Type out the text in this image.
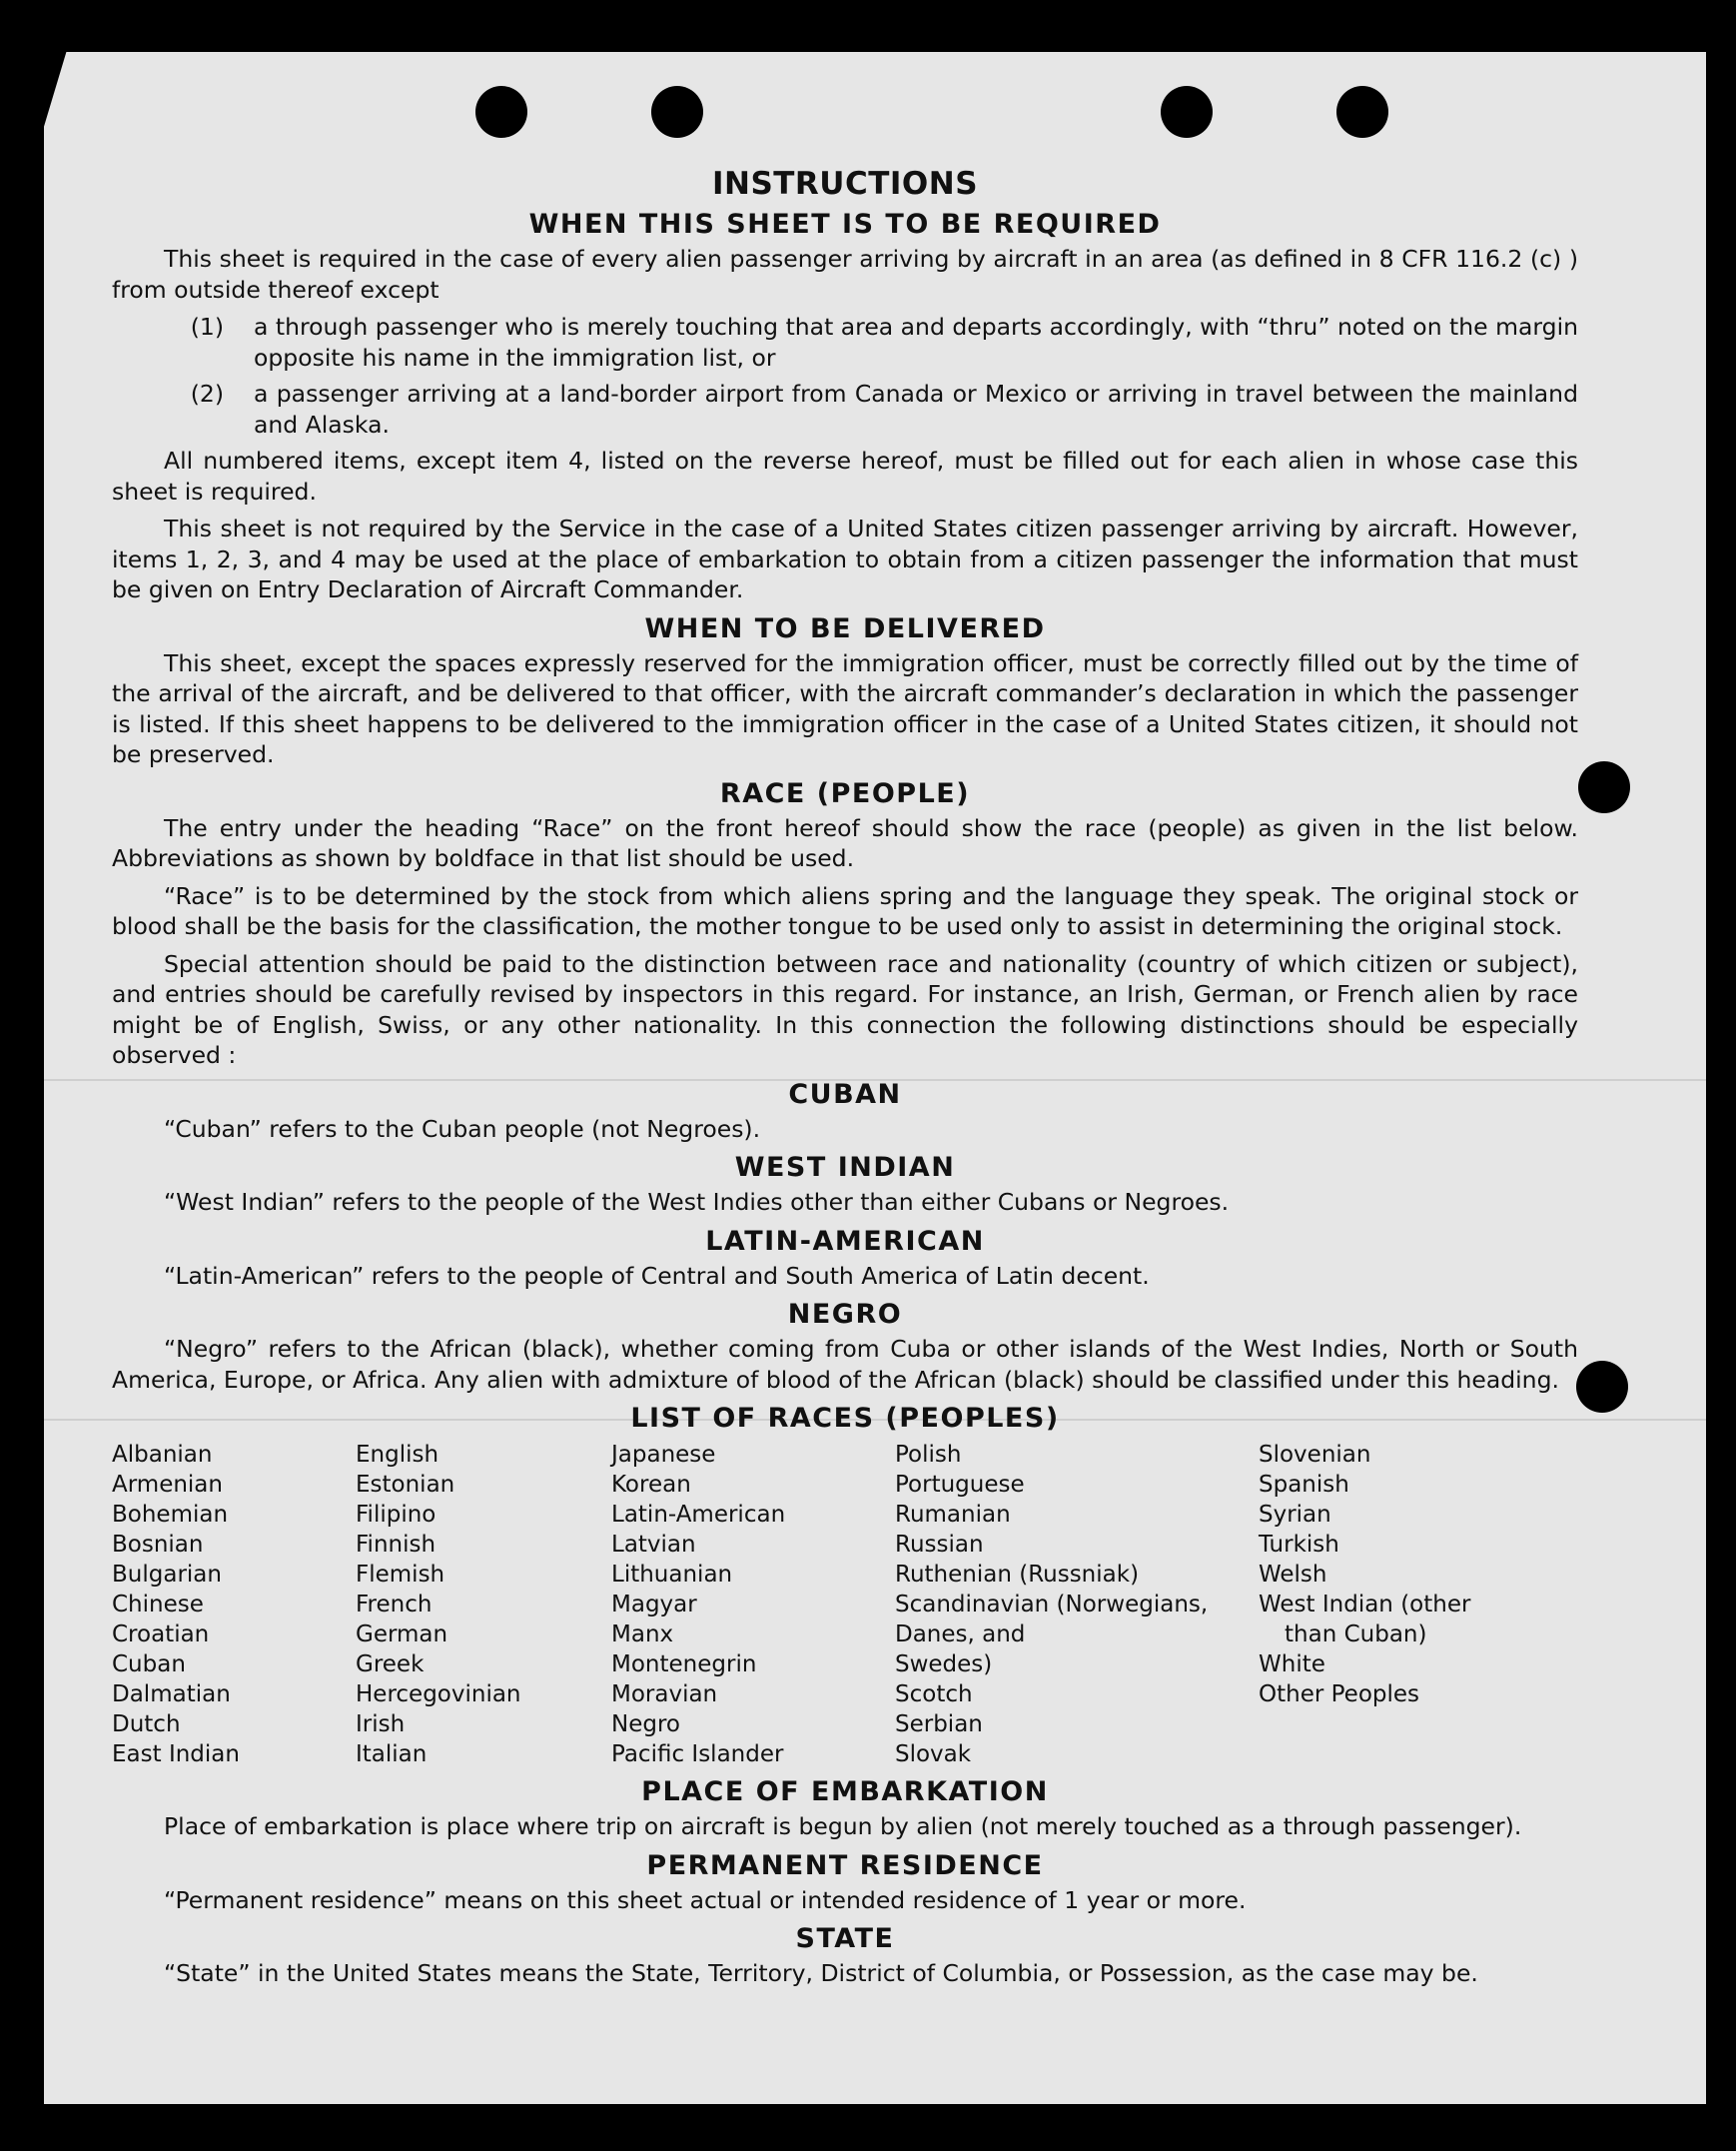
INSTRUCTIONS
WHEN THIS SHEET IS TO BE REQUIRED

This sheet is required in the case of every alien passenger arriving by aircraft in an area (as defined in 8 CFR 116.2 (c) ) from outside thereof except

(1)	a through passenger who is merely touching that area and departs accordingly, with “thru” noted on the margin opposite his name in the immigration list, or
(2)	a passenger arriving at a land-border airport from Canada or Mexico or arriving in travel between the mainland and Alaska.

All numbered items, except item 4, listed on the reverse hereof, must be filled out for each alien in whose case this sheet is required.

This sheet is not required by the Service in the case of a United States citizen passenger arriving by aircraft. However, items 1, 2, 3, and 4 may be used at the place of embarkation to obtain from a citizen passenger the information that must be given on Entry Declaration of Aircraft Commander.

WHEN TO BE DELIVERED

This sheet, except the spaces expressly reserved for the immigration officer, must be correctly filled out by the time of the arrival of the aircraft, and be delivered to that officer, with the aircraft commander’s declaration in which the passenger is listed. If this sheet happens to be delivered to the immigration officer in the case of a United States citizen, it should not be preserved.

RACE (PEOPLE)

The entry under the heading “Race” on the front hereof should show the race (people) as given in the list below. Abbreviations as shown by boldface in that list should be used.

“Race” is to be determined by the stock from which aliens spring and the language they speak. The original stock or blood shall be the basis for the classification, the mother tongue to be used only to assist in determining the original stock.

Special attention should be paid to the distinction between race and nationality (country of which citizen or subject), and entries should be carefully revised by inspectors in this regard. For instance, an Irish, German, or French alien by race might be of English, Swiss, or any other nationality. In this connection the following distinctions should be especially observed :

CUBAN

“Cuban” refers to the Cuban people (not Negroes).

WEST INDIAN

“West Indian” refers to the people of the West Indies other than either Cubans or Negroes.

LATIN-AMERICAN

“Latin-American” refers to the people of Central and South America of Latin decent.

NEGRO

“Negro” refers to the African (black), whether coming from Cuba or other islands of the West Indies, North or South America, Europe, or Africa. Any alien with admixture of blood of the African (black) should be classified under this heading.

LIST OF RACES (PEOPLES)
Albanian
Armenian
Bohemian
Bosnian
Bulgarian
Chinese
Croatian
Cuban
Dalmatian
Dutch
East Indian
English
Estonian
Filipino
Finnish
Flemish
French
German
Greek
Hercegovinian
Irish
Italian
Japanese
Korean
Latin-American
Latvian
Lithuanian
Magyar
Manx
Montenegrin
Moravian
Negro
Pacific Islander
Polish
Portuguese
Rumanian
Russian
Ruthenian (Russniak)
Scandinavian (Norwegians,
Danes, and
Swedes)
Scotch
Serbian
Slovak
Slovenian
Spanish
Syrian
Turkish
Welsh
West Indian (other
than Cuban)
White
Other Peoples
PLACE OF EMBARKATION

Place of embarkation is place where trip on aircraft is begun by alien (not merely touched as a through passenger).

PERMANENT RESIDENCE

“Permanent residence” means on this sheet actual or intended residence of 1 year or more.

STATE

“State” in the United States means the State, Territory, District of Columbia, or Possession, as the case may be.
